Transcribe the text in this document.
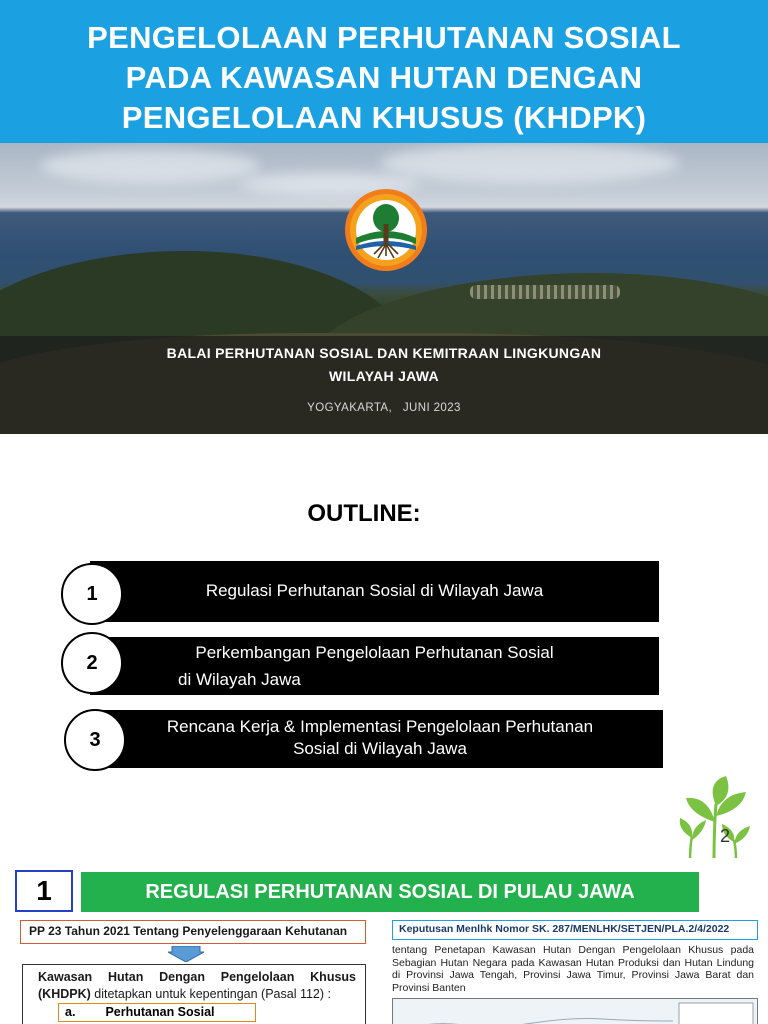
PENGELOLAAN PERHUTANAN SOSIAL
PADA KAWASAN HUTAN DENGAN
PENGELOLAAN KHUSUS (KHDPK)
BALAI PERHUTANAN SOSIAL DAN KEMITRAAN LINGKUNGAN
WILAYAH JAWA
YOGYAKARTA,   JUNI 2023
OUTLINE:
Regulasi Perhutanan Sosial di Wilayah Jawa
1
Perkembangan Pengelolaan Perhutanan Sosial
di Wilayah Jawa
2
Rencana Kerja & Implementasi Pengelolaan Perhutanan
Sosial di Wilayah Jawa
3
2
1	REGULASI PERHUTANAN SOSIAL DI PULAU JAWA
PP 23 Tahun 2021 Tentang Penyelenggaraan Kehutanan
Kawasan Hutan Dengan Pengelolaan Khusus
(KHDPK) ditetapkan untuk kepentingan (Pasal 112) :
a. Perhutanan Sosial
Keputusan Menlhk Nomor SK. 287/MENLHK/SETJEN/PLA.2/4/2022
tentang Penetapan Kawasan Hutan Dengan Pengelolaan Khusus pada Sebagian Hutan Negara pada Kawasan Hutan Produksi dan Hutan Lindung di Provinsi Jawa Tengah, Provinsi Jawa Timur, Provinsi Jawa Barat dan Provinsi Banten
